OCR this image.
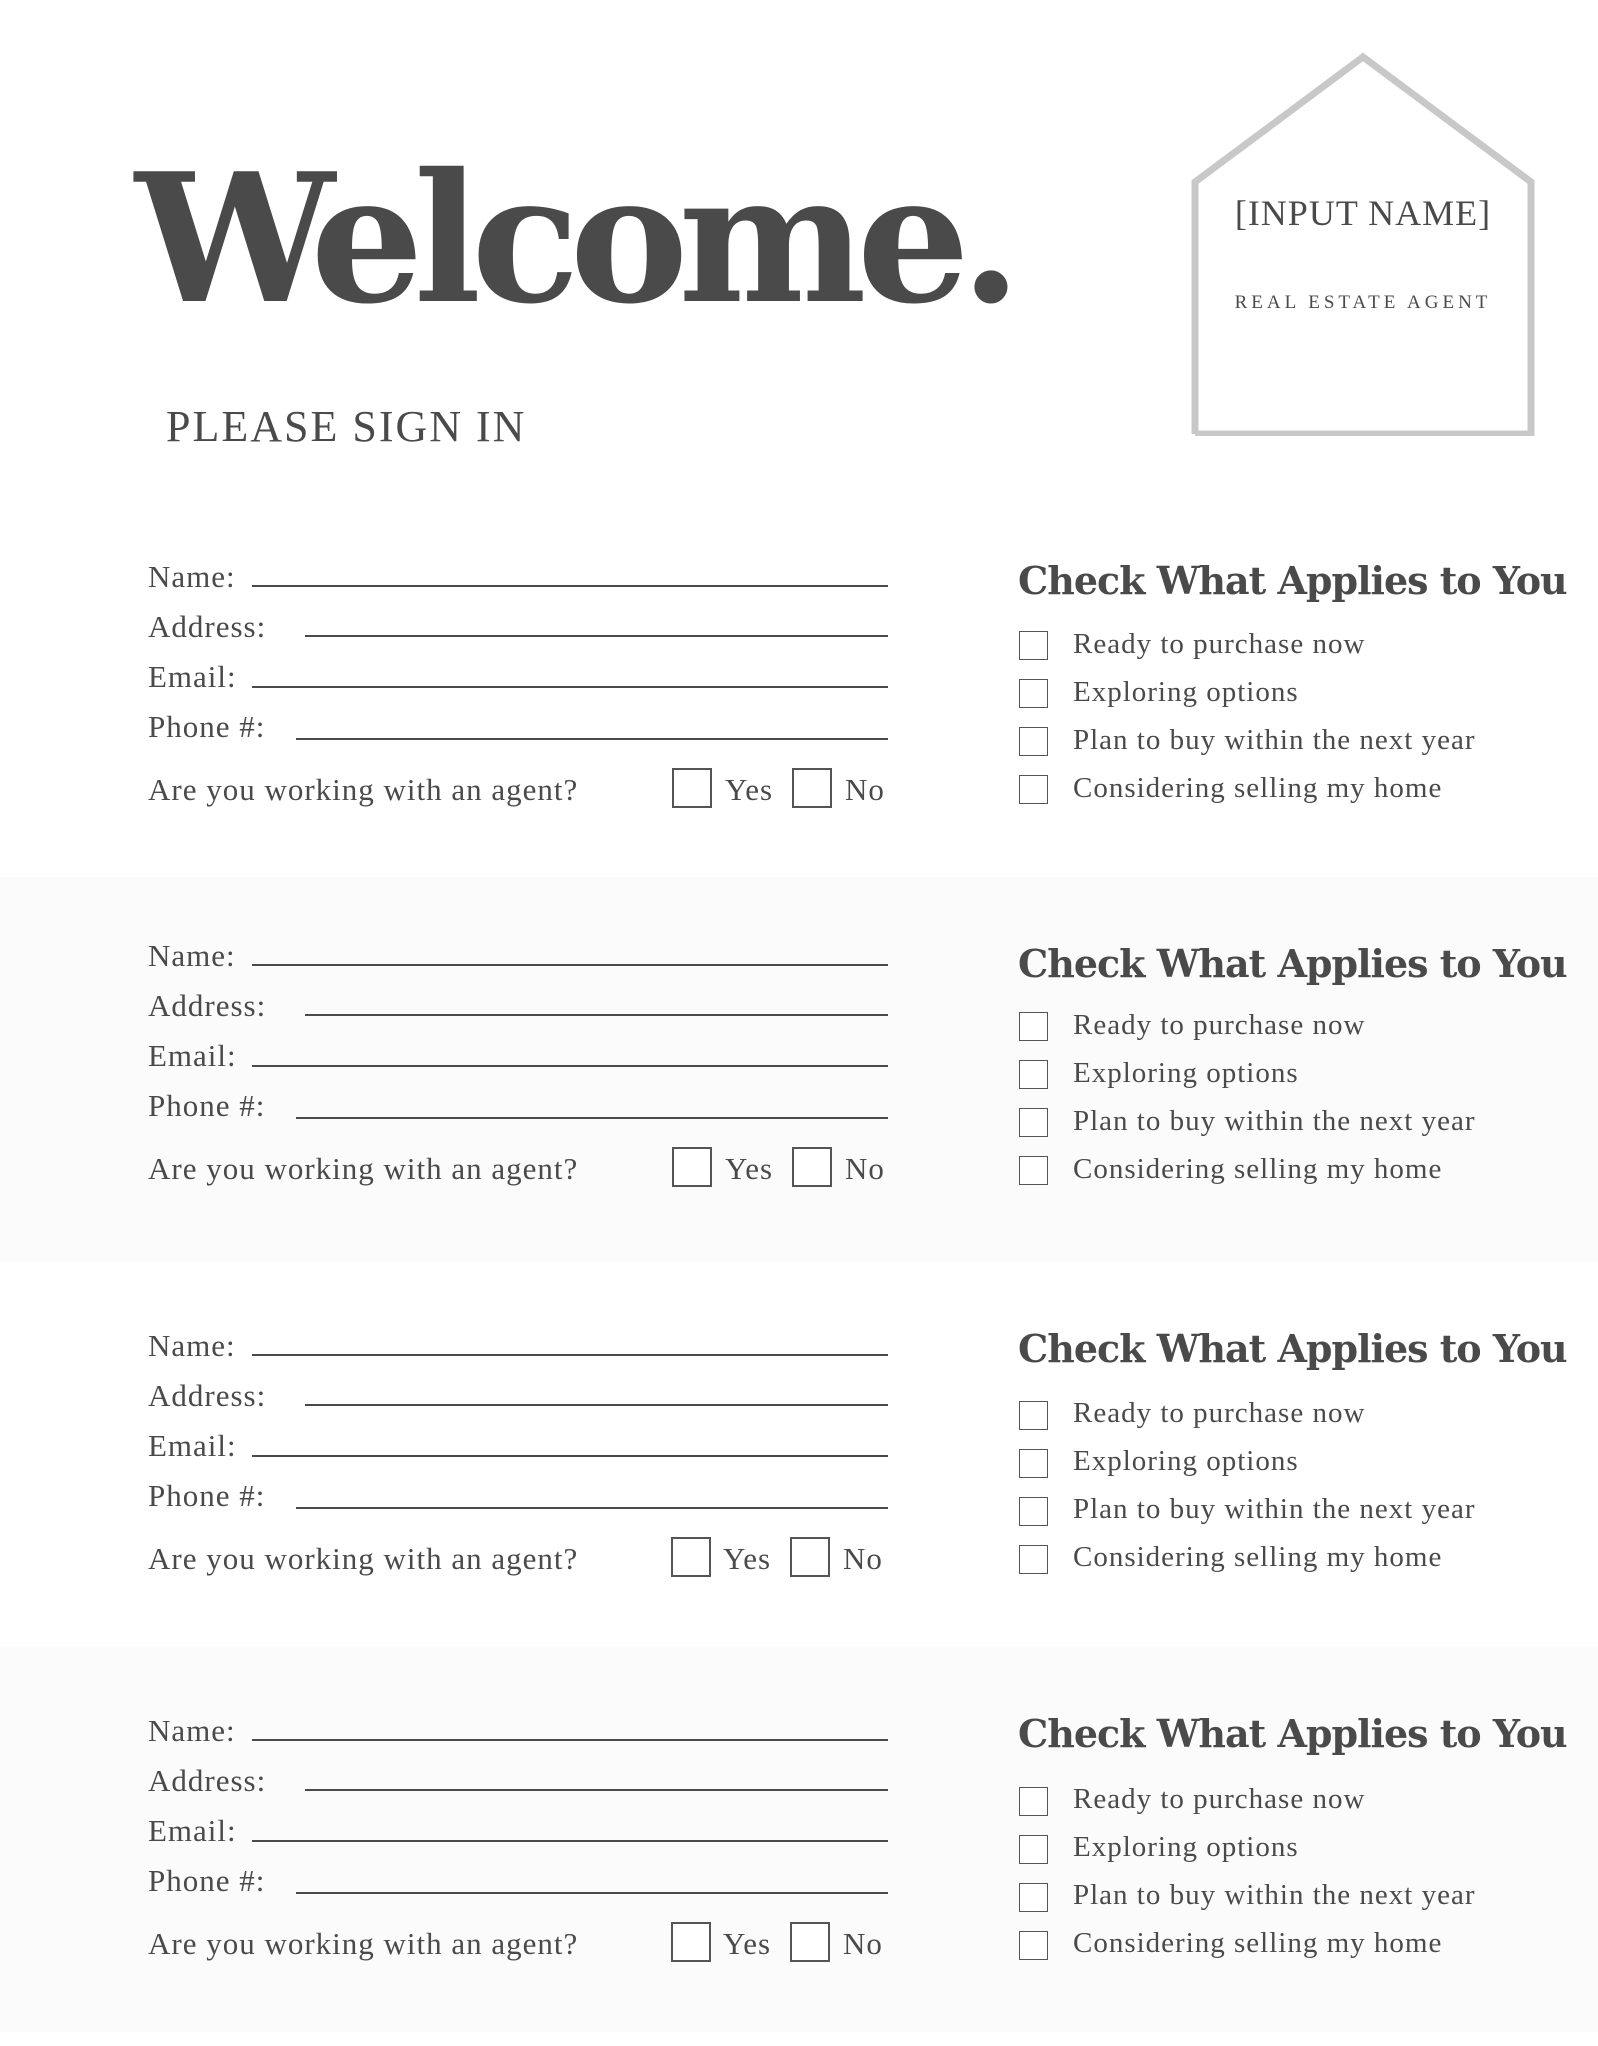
Welcome.
PLEASE SIGN IN
[INPUT NAME]
REAL ESTATE AGENT
Name:
Address:
Email:
Phone #:
Are you working with an agent?	Yes No
Check What Applies to You
Ready to purchase now
Exploring options
Plan to buy within the next year
Considering selling my home
Name:
Address:
Email:
Phone #:
Are you working with an agent?	Yes No
Check What Applies to You
Ready to purchase now
Exploring options
Plan to buy within the next year
Considering selling my home
Name:
Address:
Email:
Phone #:
Are you working with an agent?	Yes No
Check What Applies to You
Ready to purchase now
Exploring options
Plan to buy within the next year
Considering selling my home
Name:
Address:
Email:
Phone #:
Are you working with an agent?	Yes No
Check What Applies to You
Ready to purchase now
Exploring options
Plan to buy within the next year
Considering selling my home
